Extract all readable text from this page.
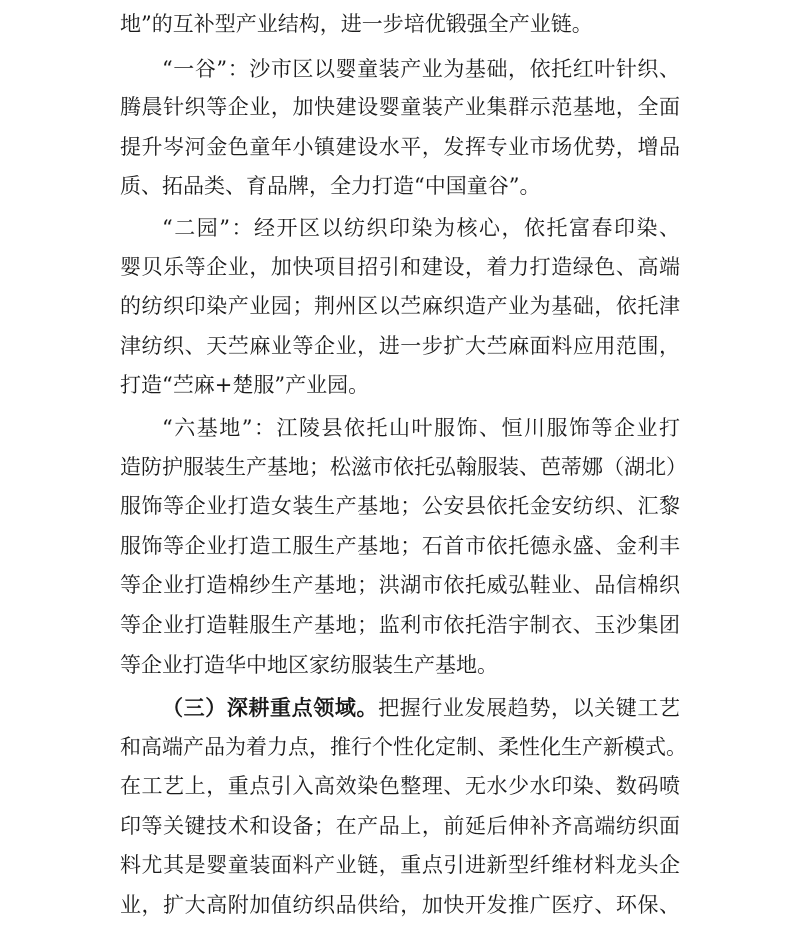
地”的互补型产业结构，进一步培优锻强全产业链。
“一谷”：沙市区以婴童装产业为基础，依托红叶针织、
腾晨针织等企业，加快建设婴童装产业集群示范基地，全面
提升岑河金色童年小镇建设水平，发挥专业市场优势，增品
质、拓品类、育品牌，全力打造“中国童谷”。
“二园”：经开区以纺织印染为核心，依托富春印染、
婴贝乐等企业，加快项目招引和建设，着力打造绿色、高端
的纺织印染产业园；荆州区以苎麻织造产业为基础，依托津
津纺织、天苎麻业等企业，进一步扩大苎麻面料应用范围，
打造“苎麻+楚服”产业园。
“六基地”：江陵县依托山叶服饰、恒川服饰等企业打
造防护服装生产基地；松滋市依托弘翰服装、芭蒂娜（湖北）
服饰等企业打造女装生产基地；公安县依托金安纺织、汇黎
服饰等企业打造工服生产基地；石首市依托德永盛、金利丰
等企业打造棉纱生产基地；洪湖市依托威弘鞋业、品信棉织
等企业打造鞋服生产基地；监利市依托浩宇制衣、玉沙集团
等企业打造华中地区家纺服装生产基地。
（三）深耕重点领域。把握行业发展趋势，以关键工艺
和高端产品为着力点，推行个性化定制、柔性化生产新模式。
在工艺上，重点引入高效染色整理、无水少水印染、数码喷
印等关键技术和设备；在产品上，前延后伸补齐高端纺织面
料尤其是婴童装面料产业链，重点引进新型纤维材料龙头企
业，扩大高附加值纺织品供给，加快开发推广医疗、环保、
